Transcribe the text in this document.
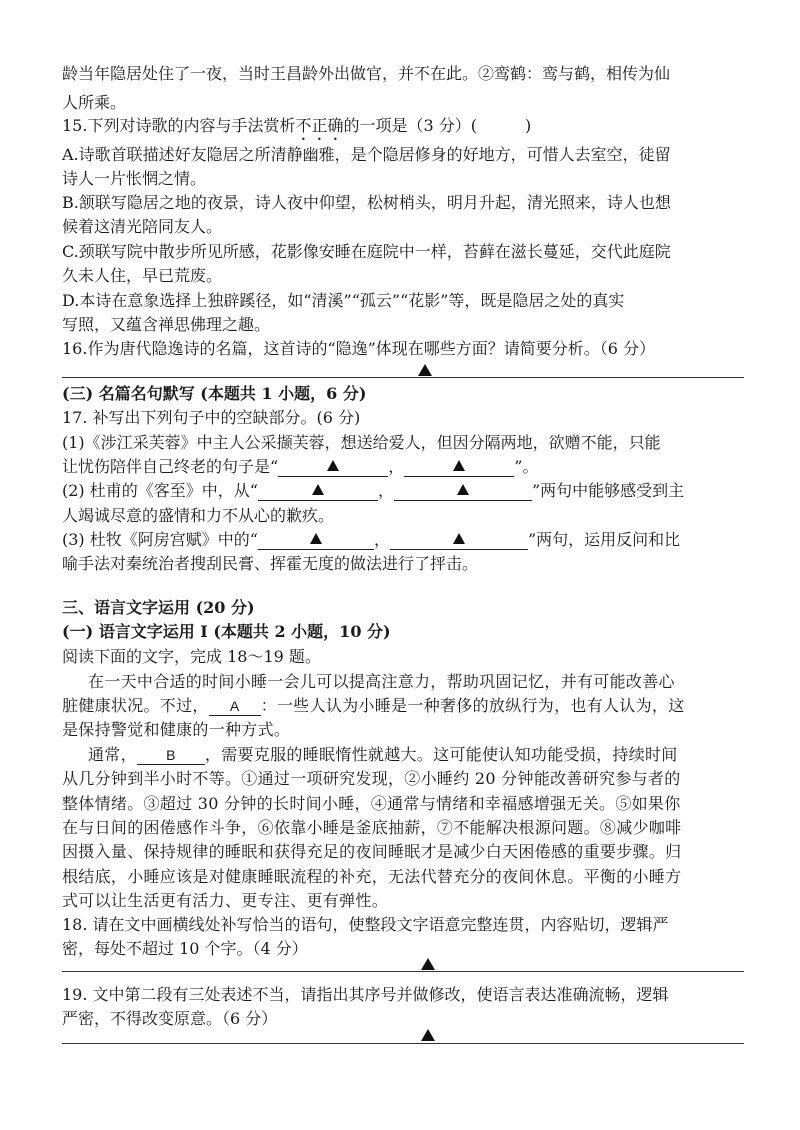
龄当年隐居处住了一夜，当时王昌龄外出做官，并不在此。②鸾鹤：鸾与鹤，相传为仙
人所乘。
15.下列对诗歌的内容与手法赏析不正确的一项是（3 分）(　　　)
A.诗歌首联描述好友隐居之所清静幽雅，是个隐居修身的好地方，可惜人去室空，徒留
诗人一片怅惘之情。
B.颔联写隐居之地的夜景，诗人夜中仰望，松树梢头，明月升起，清光照来，诗人也想
候着这清光陪同友人。
C.颈联写院中散步所见所感，花影像安睡在庭院中一样，苔藓在滋长蔓延，交代此庭院
久未人住，早已荒废。
D.本诗在意象选择上独辟蹊径，如“清溪”“孤云”“花影”等，既是隐居之处的真实
写照，又蕴含禅思佛理之趣。
16.作为唐代隐逸诗的名篇，这首诗的“隐逸”体现在哪些方面？请简要分析。（6 分）
(三) 名篇名句默写 (本题共 1 小题，6 分)
17. 补写出下列句子中的空缺部分。(6 分)
(1)《涉江采芙蓉》中主人公采撷芙蓉，想送给爱人，但因分隔两地，欲赠不能，只能
让忧伤陪伴自己终老的句子是“	，	”。
(2) 杜甫的《客至》中，从“	，	”两句中能够感受到主
人竭诚尽意的盛情和力不从心的歉疚。
(3) 杜牧《阿房宫赋》中的“	，	”两句，运用反问和比
喻手法对秦统治者搜刮民膏、挥霍无度的做法进行了抨击。
三、语言文字运用 (20 分)
(一) 语言文字运用 Ⅰ (本题共 2 小题，10 分)
阅读下面的文字，完成 18～19 题。
在一天中合适的时间小睡一会儿可以提高注意力，帮助巩固记忆，并有可能改善心
脏健康状况。不过， A ：一些人认为小睡是一种奢侈的放纵行为，也有人认为，这
是保持警觉和健康的一种方式。
通常， B ，需要克服的睡眠惰性就越大。这可能使认知功能受损，持续时间
从几分钟到半小时不等。①通过一项研究发现，②小睡约 20 分钟能改善研究参与者的
整体情绪。③超过 30 分钟的长时间小睡，④通常与情绪和幸福感增强无关。⑤如果你
在与日间的困倦感作斗争，⑥依靠小睡是釜底抽薪，⑦不能解决根源问题。⑧减少咖啡
因摄入量、保持规律的睡眠和获得充足的夜间睡眠才是减少白天困倦感的重要步骤。归
根结底，小睡应该是对健康睡眠流程的补充，无法代替充分的夜间休息。平衡的小睡方
式可以让生活更有活力、更专注、更有弹性。
18. 请在文中画横线处补写恰当的语句，使整段文字语意完整连贯，内容贴切，逻辑严
密，每处不超过 10 个字。（4 分）
19. 文中第二段有三处表述不当，请指出其序号并做修改，使语言表达准确流畅，逻辑
严密，不得改变原意。（6 分）
